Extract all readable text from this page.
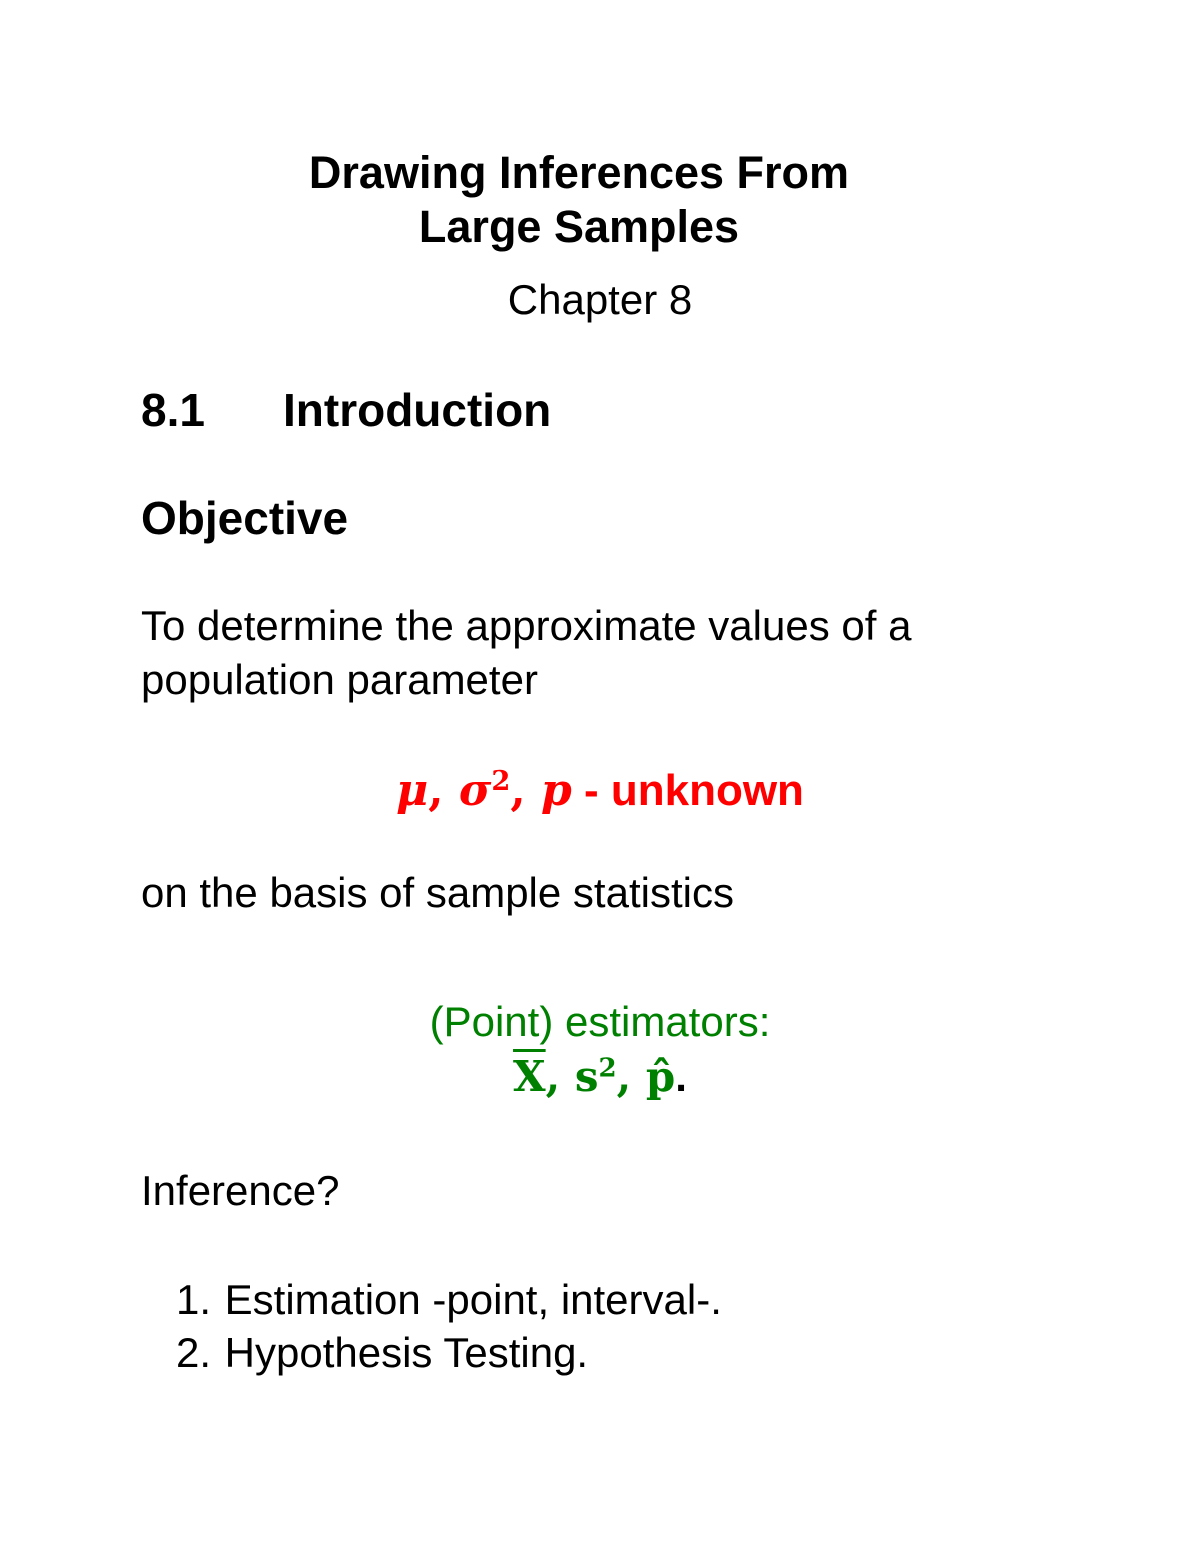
Drawing Inferences From
Large Samples
Chapter 8
8.1 Introduction
Objective
To determine the approximate values of a
population parameter
μ, $\sigma^2$, p - unknown
on the basis of sample statistics
(Point) estimators:
$\overline{X}$, $s^2$, p̂.
Inference?
1. Estimation -point, interval-.
2. Hypothesis Testing.
